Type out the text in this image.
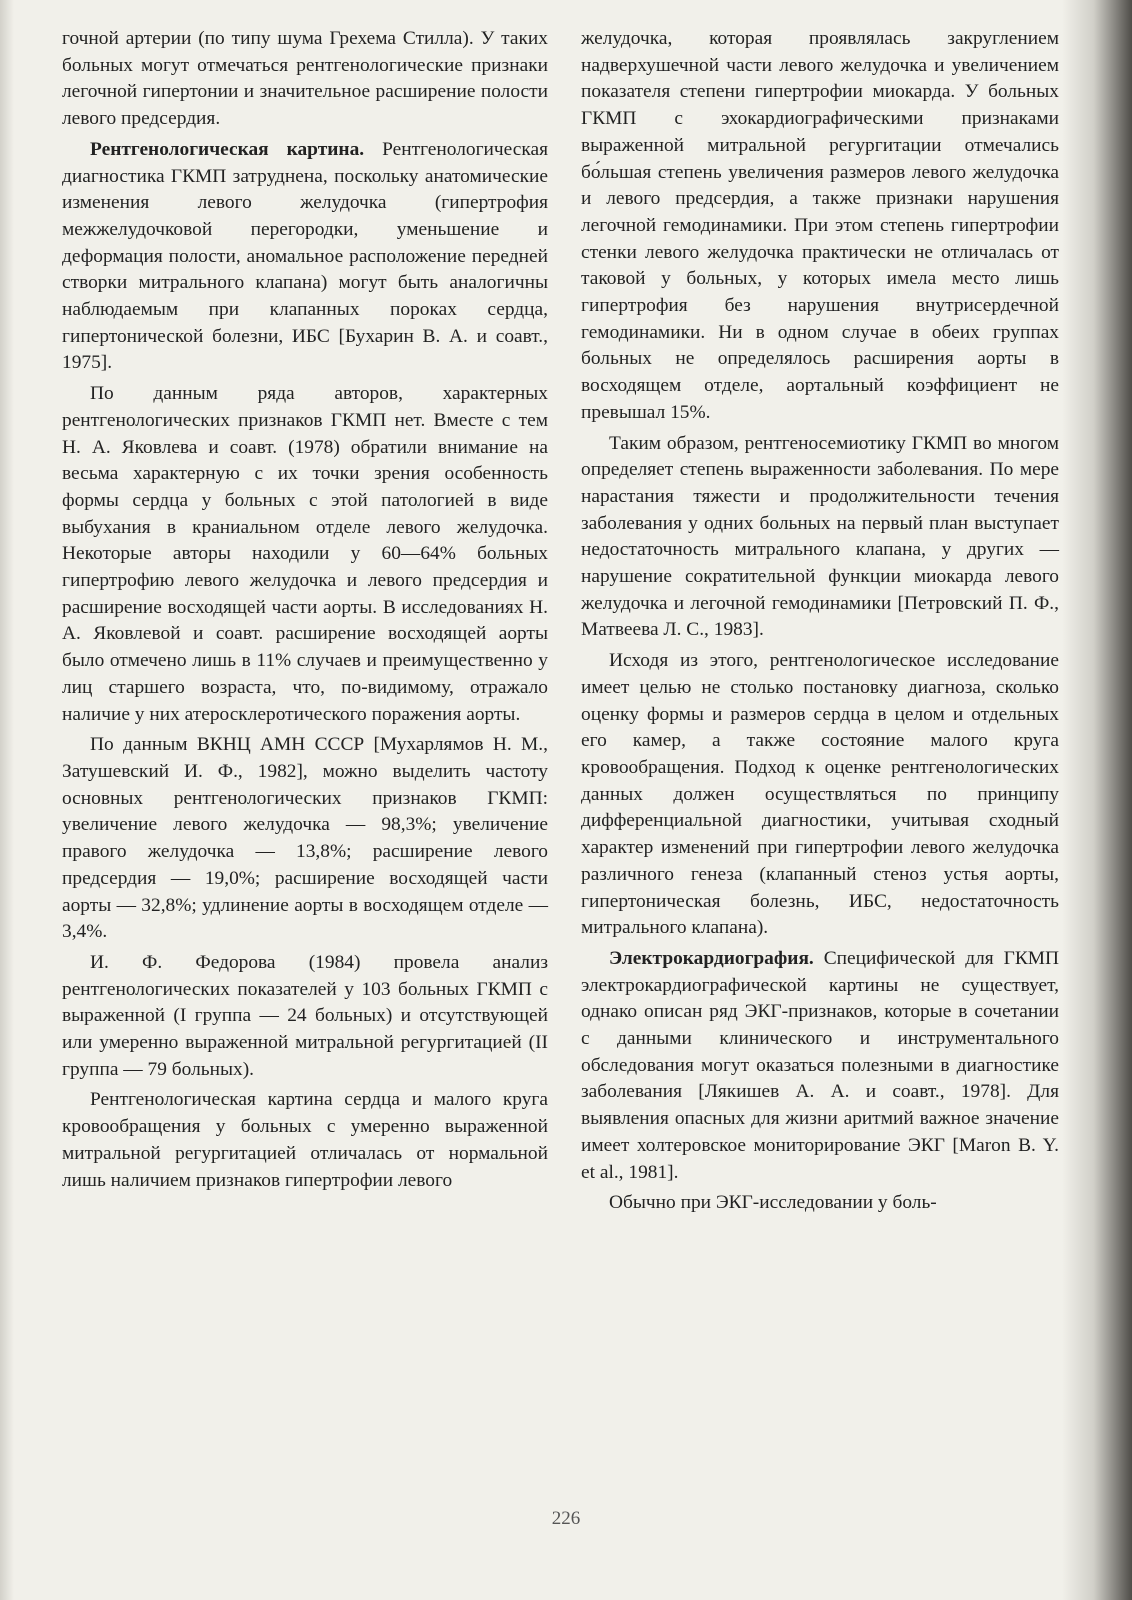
гочной артерии (по типу шума Грехема Стилла). У таких больных могут отмечаться рентгенологические признаки легочной гипертонии и значительное расширение полости левого предсердия.

Рентгенологическая картина. Рентгенологическая диагностика ГКМП затруднена, поскольку анатомические изменения левого желудочка (гипертрофия межжелудочковой перегородки, уменьшение и деформация полости, аномальное расположение передней створки митрального клапана) могут быть аналогичны наблюдаемым при клапанных пороках сердца, гипертонической болезни, ИБС [Бухарин В. А. и соавт., 1975].

По данным ряда авторов, характерных рентгенологических признаков ГКМП нет. Вместе с тем Н. А. Яковлева и соавт. (1978) обратили внимание на весьма характерную с их точки зрения особенность формы сердца у больных с этой патологией в виде выбухания в краниальном отделе левого желудочка. Некоторые авторы находили у 60—64% больных гипертрофию левого желудочка и левого предсердия и расширение восходящей части аорты. В исследованиях Н. А. Яковлевой и соавт. расширение восходящей аорты было отмечено лишь в 11% случаев и преимущественно у лиц старшего возраста, что, по-видимому, отражало наличие у них атеросклеротического поражения аорты.

По данным ВКНЦ АМН СССР [Мухарлямов Н. М., Затушевский И. Ф., 1982], можно выделить частоту основных рентгенологических признаков ГКМП: увеличение левого желудочка — 98,3%; увеличение правого желудочка — 13,8%; расширение левого предсердия — 19,0%; расширение восходящей части аорты — 32,8%; удлинение аорты в восходящем отделе — 3,4%.

И. Ф. Федорова (1984) провела анализ рентгенологических показателей у 103 больных ГКМП с выраженной (I группа — 24 больных) и отсутствующей или умеренно выраженной митральной регургитацией (II группа — 79 больных).

Рентгенологическая картина сердца и малого круга кровообращения у больных с умеренно выраженной митральной регургитацией отличалась от нормальной лишь наличием признаков гипертрофии левого

желудочка, которая проявлялась закруглением надверхушечной части левого желудочка и увеличением показателя степени гипертрофии миокарда. У больных ГКМП с эхокардиографическими признаками выраженной митральной регургитации отмечались бо́льшая степень увеличения размеров левого желудочка и левого предсердия, а также признаки нарушения легочной гемодинамики. При этом степень гипертрофии стенки левого желудочка практически не отличалась от таковой у больных, у которых имела место лишь гипертрофия без нарушения внутрисердечной гемодинамики. Ни в одном случае в обеих группах больных не определялось расширения аорты в восходящем отделе, аортальный коэффициент не превышал 15%.

Таким образом, рентгеносемиотику ГКМП во многом определяет степень выраженности заболевания. По мере нарастания тяжести и продолжительности течения заболевания у одних больных на первый план выступает недостаточность митрального клапана, у других — нарушение сократительной функции миокарда левого желудочка и легочной гемодинамики [Петровский П. Ф., Матвеева Л. С., 1983].

Исходя из этого, рентгенологическое исследование имеет целью не столько постановку диагноза, сколько оценку формы и размеров сердца в целом и отдельных его камер, а также состояние малого круга кровообращения. Подход к оценке рентгенологических данных должен осуществляться по принципу дифференциальной диагностики, учитывая сходный характер изменений при гипертрофии левого желудочка различного генеза (клапанный стеноз устья аорты, гипертоническая болезнь, ИБС, недостаточность митрального клапана).

Электрокардиография. Специфической для ГКМП электрокардиографической картины не существует, однако описан ряд ЭКГ-признаков, которые в сочетании с данными клинического и инструментального обследования могут оказаться полезными в диагностике заболевания [Лякишев А. А. и соавт., 1978]. Для выявления опасных для жизни аритмий важное значение имеет холтеровское мониторирование ЭКГ [Maron B. Y. et al., 1981].

Обычно при ЭКГ-исследовании у боль-

226
